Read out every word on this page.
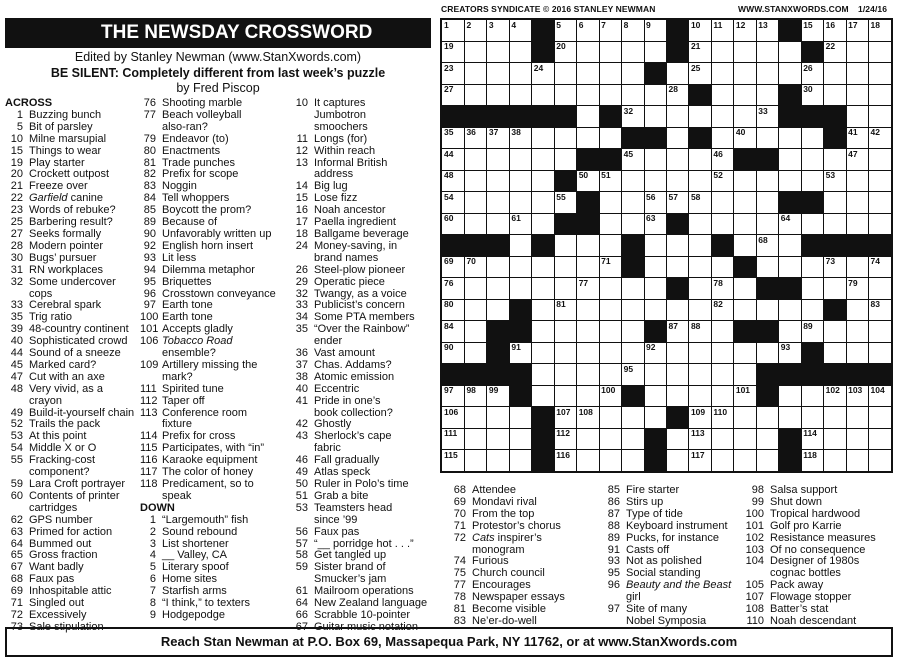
CREATORS SYNDICATE © 2016 STANLEY NEWMAN	WWW.STANXWORDS.COM 1/24/16
THE NEWSDAY CROSSWORD
Edited by Stanley Newman (www.StanXwords.com)
BE SILENT: Completely different from last week’s puzzle
by Fred Piscop
ACROSS
1 Buzzing bunch
5 Bit of parsley
10 Milne marsupial
15 Things to wear
19 Play starter
20 Crockett outpost
21 Freeze over
22 Garfield canine
23 Words of rebuke?
25 Barbering result?
27 Seeks formally
28 Modern pointer
30 Bugs’ pursuer
31 RN workplaces
32 Some undercover
cops
33 Cerebral spark
35 Trig ratio
39 48-country continent
40 Sophisticated crowd
44 Sound of a sneeze
45 Marked card?
47 Cut with an axe
48 Very vivid, as a
crayon
49 Build-it-yourself chain
52 Trails the pack
53 At this point
54 Middle X or O
55 Fracking-cost
component?
59 Lara Croft portrayer
60 Contents of printer
cartridges
62 GPS number
63 Primed for action
64 Bummed out
65 Gross fraction
67 Want badly
68 Faux pas
69 Inhospitable attic
71 Singled out
72 Excessively
73 Sale stipulation
76 Shooting marble
77 Beach volleyball
also-ran?
79 Endeavor (to)
80 Enactments
81 Trade punches
82 Prefix for scope
83 Noggin
84 Tell whoppers
85 Boycott the prom?
89 Because of
90 Unfavorably written up
92 English horn insert
93 Lit less
94 Dilemma metaphor
95 Briquettes
96 Crosstown conveyance
97 Earth tone
100 Earth tone
101 Accepts gladly
106 Tobacco Road
ensemble?
109 Artillery missing the
mark?
111 Spirited tune
112 Taper off
113 Conference room
fixture
114 Prefix for cross
115 Participates, with “in”
116 Karaoke equipment
117 The color of honey
118 Predicament, so to
speak
DOWN
1 “Largemouth” fish
2 Sound rebound
3 List shortener
4 __ Valley, CA
5 Literary spoof
6 Home sites
7 Starfish arms
8 “I think,” to texters
9 Hodgepodge
10 It captures
Jumbotron
smoochers
11 Longs (for)
12 Within reach
13 Informal British
address
14 Big lug
15 Lose fizz
16 Noah ancestor
17 Paella ingredient
18 Ballgame beverage
24 Money-saving, in
brand names
26 Steel-plow pioneer
29 Operatic piece
32 Twangy, as a voice
33 Publicist’s concern
34 Some PTA members
35 “Over the Rainbow”
ender
36 Vast amount
37 Chas. Addams?
38 Atomic emission
40 Eccentric
41 Pride in one’s
book collection?
42 Ghostly
43 Sherlock’s cape
fabric
46 Fall gradually
49 Atlas speck
50 Ruler in Polo’s time
51 Grab a bite
53 Teamsters head
since ’99
56 Faux pas
57 “__ porridge hot . . .”
58 Get tangled up
59 Sister brand of
Smucker’s jam
61 Mailroom operations
64 New Zealand language
66 Scrabble 10-pointer
67 Guitar music notation
68 Attendee
69 Mondavi rival
70 From the top
71 Protestor’s chorus
72 Cats inspirer’s
monogram
74 Furious
75 Church council
77 Encourages
78 Newspaper essays
81 Become visible
83 Ne’er-do-well
85 Fire starter
86 Stirs up
87 Type of tide
88 Keyboard instrument
89 Pucks, for instance
91 Casts off
93 Not as polished
95 Social standing
96 Beauty and the Beast
girl
97 Site of many
Nobel Symposia
98 Salsa support
99 Shut down
100 Tropical hardwood
101 Golf pro Karrie
102 Resistance measures
103 Of no consequence
104 Designer of 1980s
cognac bottles
105 Pack away
107 Flowage stopper
108 Batter’s stat
110 Noah descendant
1 2 3 4	5 6 7 8 9	10 11 12 13	15 16 17 18
19	20	21	22
23	24	25	26
27	28	30
32	33
35 36 37 38	40	41 42
44	45	46	47
48	50 51	52	53
54	55	56 57 58
60	61	63	64
68
69 70	71	73	74
76	77	78	79
80	81	82	83
84	87 88	89
90	91	92	93
95
97 98 99	100	101	102 103 104
106	107 108	109 110
111	112	113	114
115	116	117	118
Reach Stan Newman at P.O. Box 69, Massapequa Park, NY 11762, or at www.StanXwords.com
